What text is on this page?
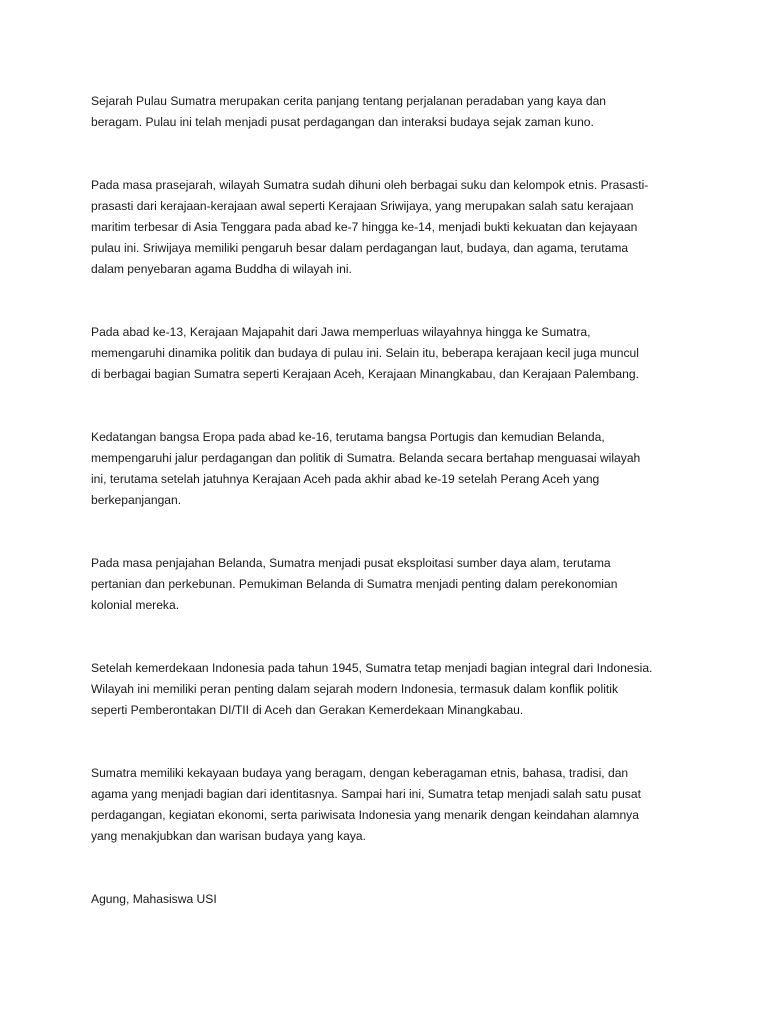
Sejarah Pulau Sumatra merupakan cerita panjang tentang perjalanan peradaban yang kaya dan
beragam. Pulau ini telah menjadi pusat perdagangan dan interaksi budaya sejak zaman kuno.

Pada masa prasejarah, wilayah Sumatra sudah dihuni oleh berbagai suku dan kelompok etnis. Prasasti-
prasasti dari kerajaan-kerajaan awal seperti Kerajaan Sriwijaya, yang merupakan salah satu kerajaan
maritim terbesar di Asia Tenggara pada abad ke-7 hingga ke-14, menjadi bukti kekuatan dan kejayaan
pulau ini. Sriwijaya memiliki pengaruh besar dalam perdagangan laut, budaya, dan agama, terutama
dalam penyebaran agama Buddha di wilayah ini.

Pada abad ke-13, Kerajaan Majapahit dari Jawa memperluas wilayahnya hingga ke Sumatra,
memengaruhi dinamika politik dan budaya di pulau ini. Selain itu, beberapa kerajaan kecil juga muncul
di berbagai bagian Sumatra seperti Kerajaan Aceh, Kerajaan Minangkabau, dan Kerajaan Palembang.

Kedatangan bangsa Eropa pada abad ke-16, terutama bangsa Portugis dan kemudian Belanda,
mempengaruhi jalur perdagangan dan politik di Sumatra. Belanda secara bertahap menguasai wilayah
ini, terutama setelah jatuhnya Kerajaan Aceh pada akhir abad ke-19 setelah Perang Aceh yang
berkepanjangan.

Pada masa penjajahan Belanda, Sumatra menjadi pusat eksploitasi sumber daya alam, terutama
pertanian dan perkebunan. Pemukiman Belanda di Sumatra menjadi penting dalam perekonomian
kolonial mereka.

Setelah kemerdekaan Indonesia pada tahun 1945, Sumatra tetap menjadi bagian integral dari Indonesia.
Wilayah ini memiliki peran penting dalam sejarah modern Indonesia, termasuk dalam konflik politik
seperti Pemberontakan DI/TII di Aceh dan Gerakan Kemerdekaan Minangkabau.

Sumatra memiliki kekayaan budaya yang beragam, dengan keberagaman etnis, bahasa, tradisi, dan
agama yang menjadi bagian dari identitasnya. Sampai hari ini, Sumatra tetap menjadi salah satu pusat
perdagangan, kegiatan ekonomi, serta pariwisata Indonesia yang menarik dengan keindahan alamnya
yang menakjubkan dan warisan budaya yang kaya.

Agung, Mahasiswa USI
